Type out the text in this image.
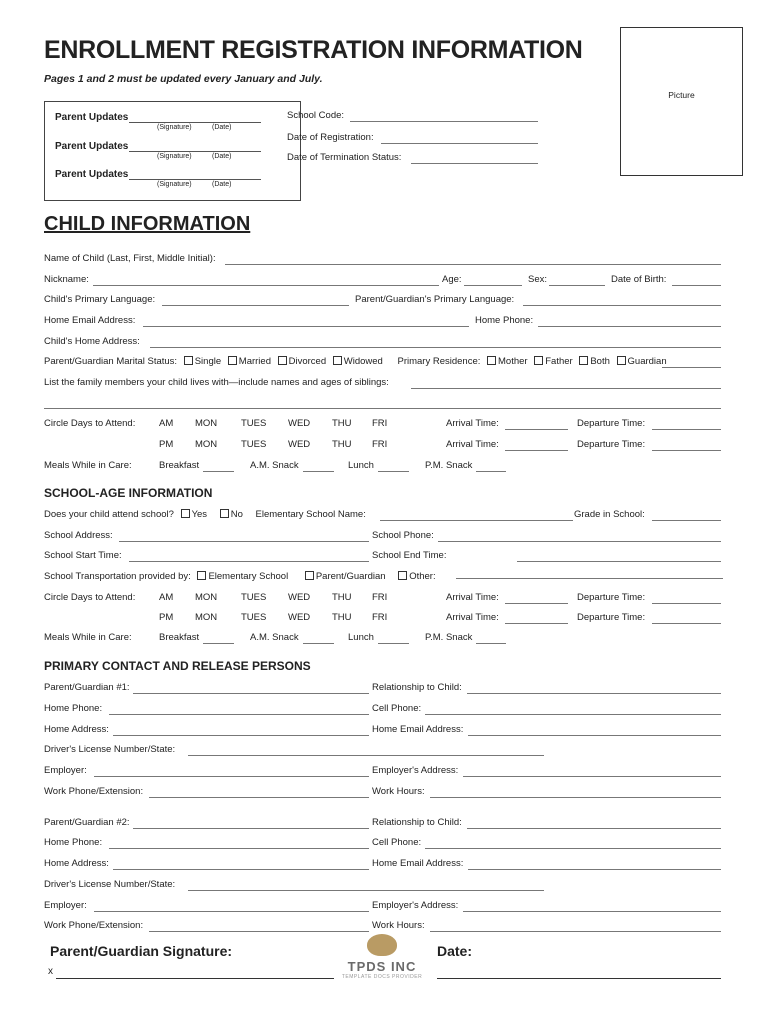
ENROLLMENT REGISTRATION INFORMATION
Pages 1 and 2 must be updated every January and July.
Picture
Parent Updates
(Signature)	(Date)
Parent Updates
(Signature)	(Date)
Parent Updates
(Signature)	(Date)
School Code:
Date of Registration:
Date of Termination Status:
CHILD INFORMATION
Name of Child (Last, First, Middle Initial):
Nickname:	Age:	Sex:	Date of Birth:
Child's Primary Language:	Parent/Guardian's Primary Language:
Home Email Address:	Home Phone:
Child's Home Address:
Parent/Guardian Marital Status: Single Married Divorced Widowed Primary Residence: Mother Father Both Guardian
List the family members your child lives with—include names and ages of siblings:
Circle Days to Attend: AM MON	TUES WED THU FRI	Arrival Time:	Departure Time:
PM MON	TUES WED THU FRI	Arrival Time:	Departure Time:
Meals While in Care:	Breakfast	A.M. Snack	Lunch	P.M. Snack
SCHOOL-AGE INFORMATION
Does your child attend school? Yes No Elementary School Name:	Grade in School:
School Address:	School Phone:
School Start Time:	School End Time:
School Transportation provided by: Elementary School	Parent/Guardian Other:
Circle Days to Attend: AM MON	TUES WED THU FRI	Arrival Time:	Departure Time:
PM MON	TUES WED THU FRI	Arrival Time:	Departure Time:
Meals While in Care:	Breakfast	A.M. Snack	Lunch	P.M. Snack
PRIMARY CONTACT AND RELEASE PERSONS
Parent/Guardian #1:	Relationship to Child:
Home Phone:	Cell Phone:
Home Address:	Home Email Address:
Driver's License Number/State:
Employer:	Employer's Address:
Work Phone/Extension:	Work Hours:
Parent/Guardian #2:	Relationship to Child:
Home Phone:	Cell Phone:
Home Address:	Home Email Address:
Driver's License Number/State:
Employer:	Employer's Address:
Work Phone/Extension:	Work Hours:
Parent/Guardian Signature:
x	TPDS INC
TEMPLATE DOCS PROVIDER
Date:
